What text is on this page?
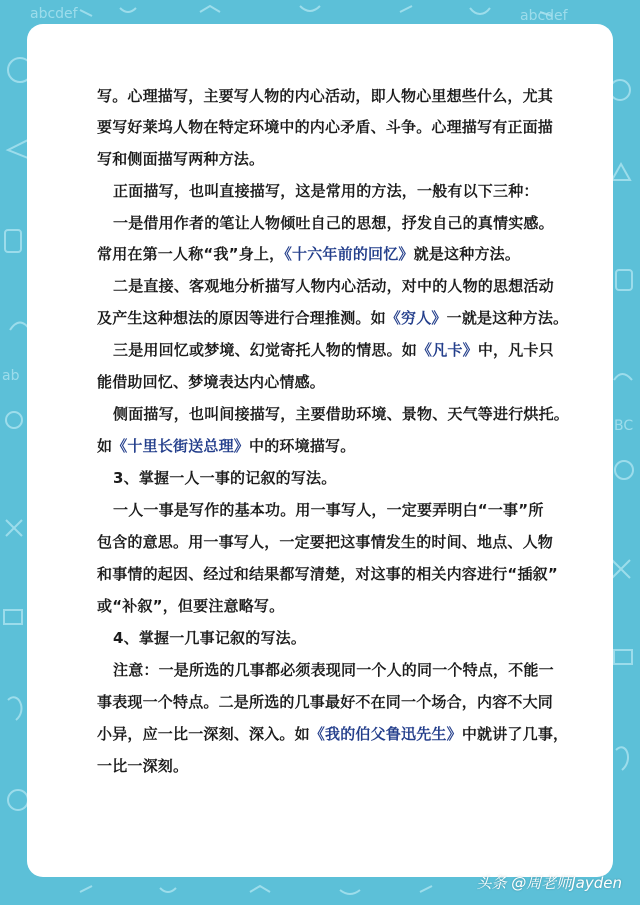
abcdef	abcdef
ab
BC
写。心理描写，主要写人物的内心活动，即人物心里想些什么，尤其
要写好莱坞人物在特定环境中的内心矛盾、斗争。心理描写有正面描
写和侧面描写两种方法。
正面描写，也叫直接描写，这是常用的方法，一般有以下三种：
一是借用作者的笔让人物倾吐自己的思想，抒发自己的真情实感。
常用在第一人称“我”身上，《十六年前的回忆》就是这种方法。
二是直接、客观地分析描写人物内心活动，对中的人物的思想活动
及产生这种想法的原因等进行合理推测。如《穷人》一就是这种方法。
三是用回忆或梦境、幻觉寄托人物的情思。如《凡卡》中，凡卡只
能借助回忆、梦境表达内心情感。
侧面描写，也叫间接描写，主要借助环境、景物、天气等进行烘托。
如《十里长街送总理》中的环境描写。
3、掌握一人一事的记叙的写法。
一人一事是写作的基本功。用一事写人，一定要弄明白“一事”所
包含的意思。用一事写人，一定要把这事情发生的时间、地点、人物
和事情的起因、经过和结果都写清楚，对这事的相关内容进行“插叙”
或“补叙”，但要注意略写。
4、掌握一几事记叙的写法。
注意：一是所选的几事都必须表现同一个人的同一个特点，不能一
事表现一个特点。二是所选的几事最好不在同一个场合，内容不大同
小异，应一比一深刻、深入。如《我的伯父鲁迅先生》中就讲了几事，
一比一深刻。
头条 @周老师Jayden
